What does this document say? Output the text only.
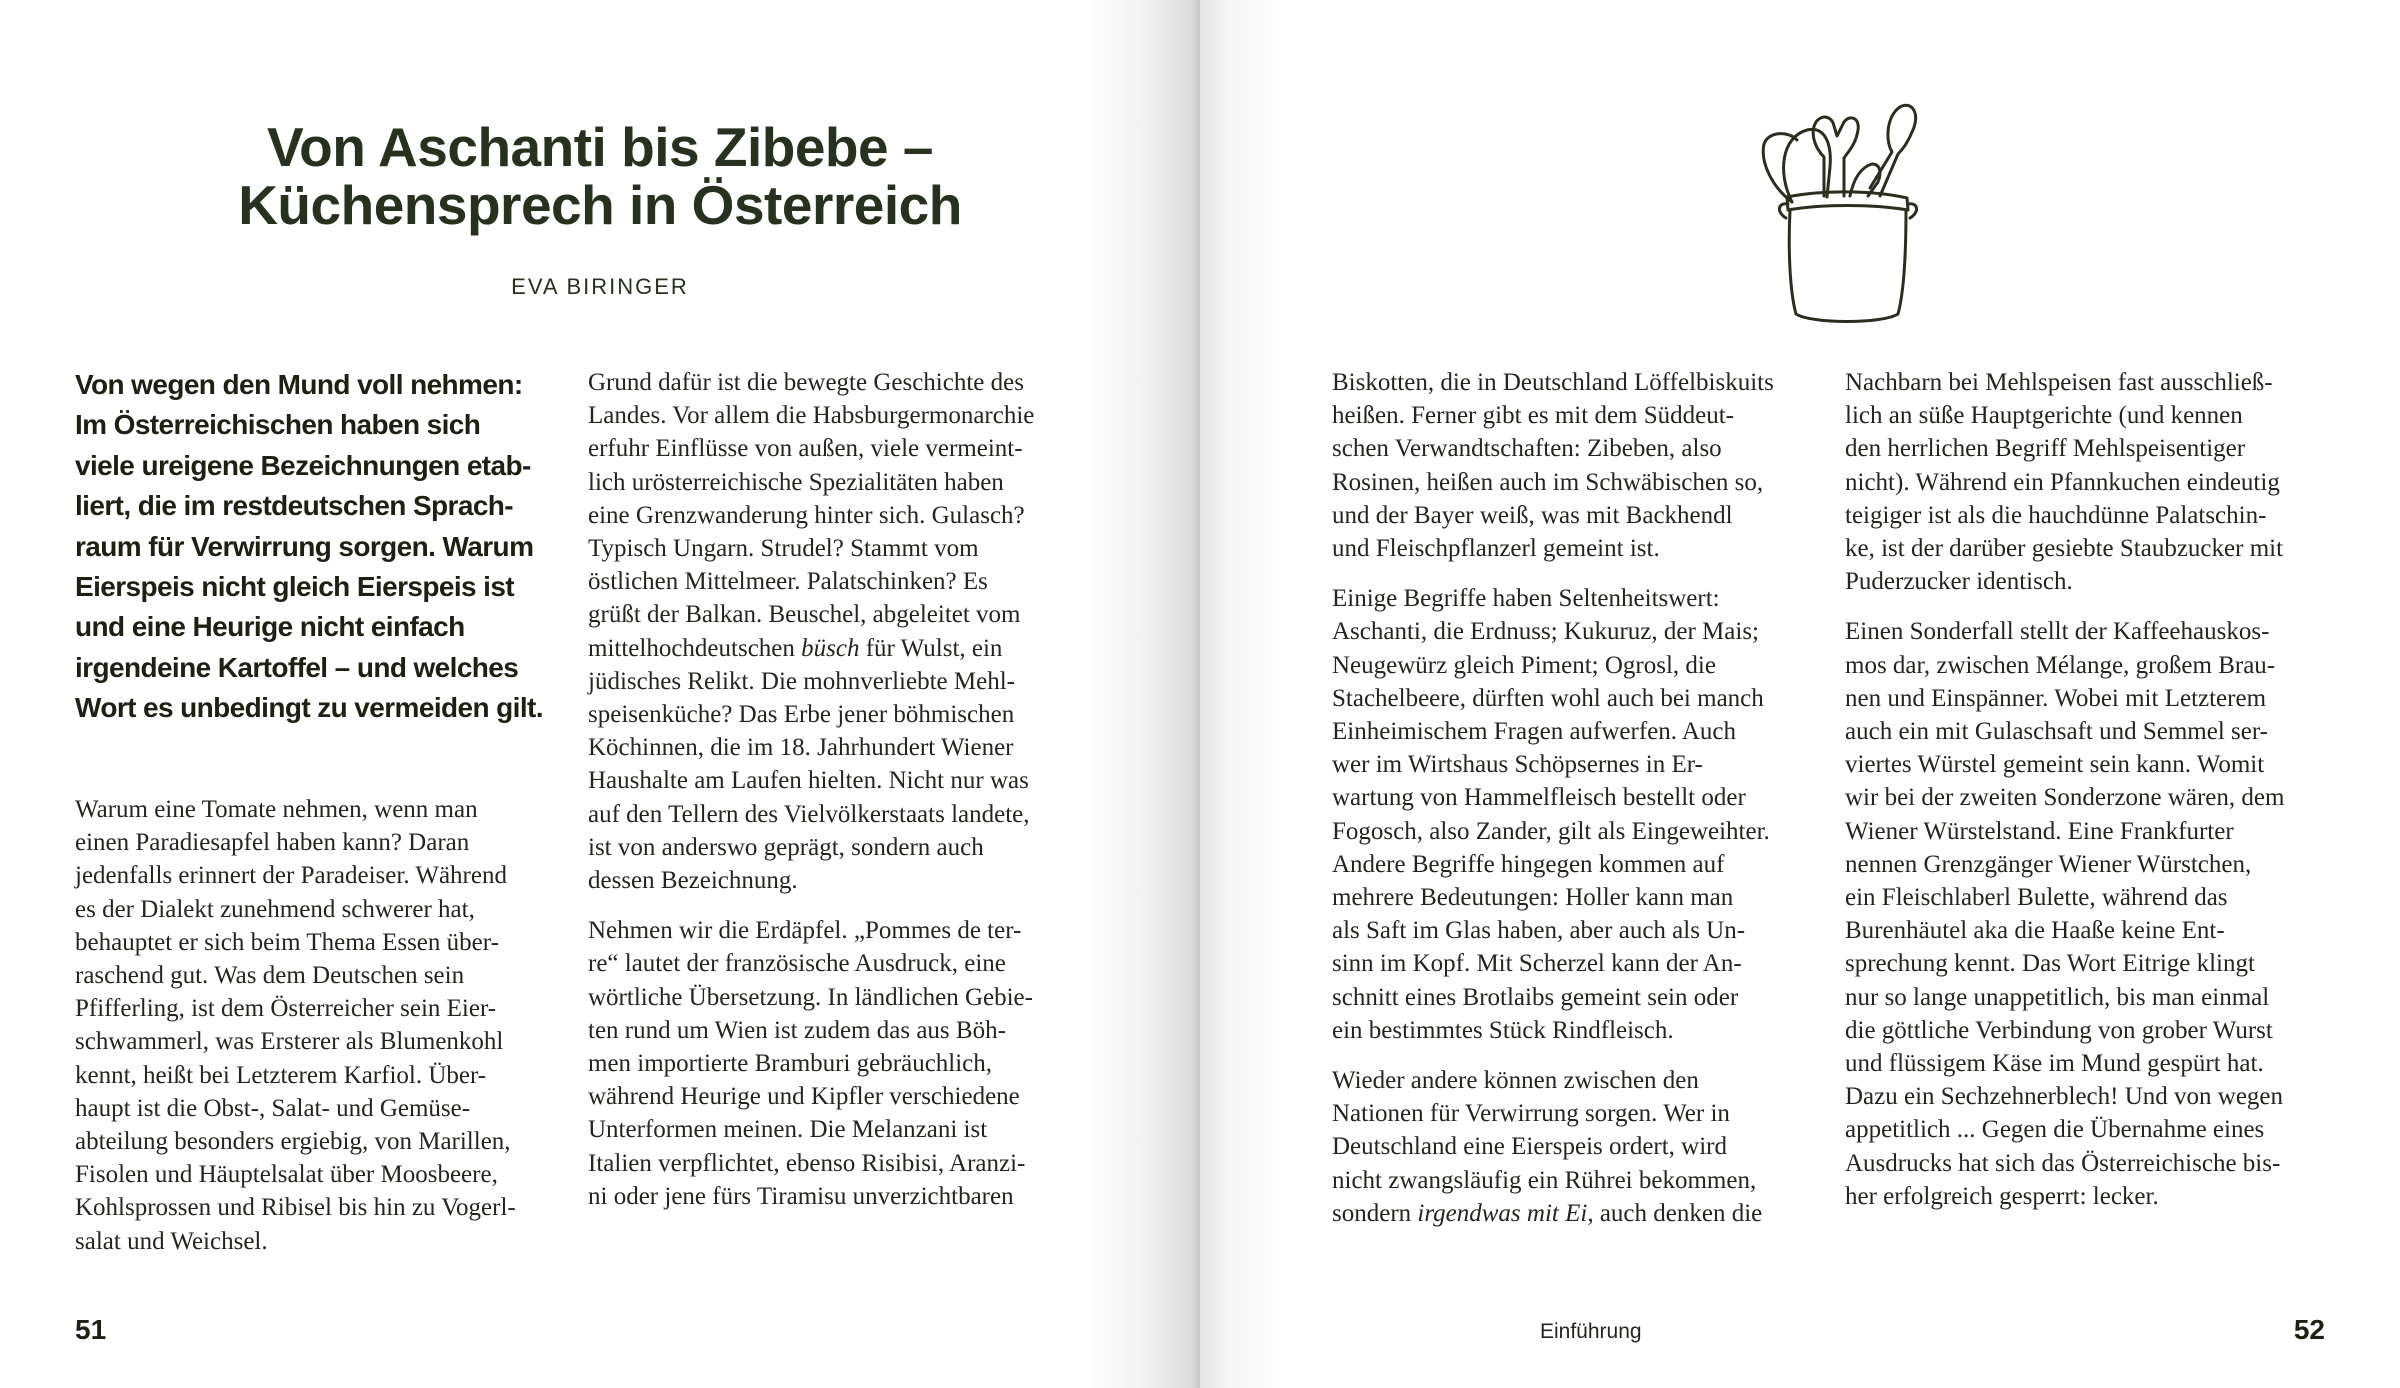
Von Aschanti bis Zibebe –
Küchensprech in Österreich
EVA BIRINGER
Von wegen den Mund voll nehmen:
Im Österreichischen haben sich
viele ureigene Bezeichnungen etab-
liert, die im restdeutschen Sprach-
raum für Verwirrung sorgen. Warum
Eierspeis nicht gleich Eierspeis ist
und eine Heurige nicht einfach
irgendeine Kartoffel – und welches
Wort es unbedingt zu vermeiden gilt.
Warum eine Tomate nehmen, wenn man
einen Paradiesapfel haben kann? Daran
jedenfalls erinnert der Paradeiser. Während
es der Dialekt zunehmend schwerer hat,
behauptet er sich beim Thema Essen über-
raschend gut. Was dem Deutschen sein
Pfifferling, ist dem Österreicher sein Eier-
schwammerl, was Ersterer als Blumenkohl
kennt, heißt bei Letzterem Karfiol. Über-
haupt ist die Obst-, Salat- und Gemüse-
abteilung besonders ergiebig, von Marillen,
Fisolen und Häuptelsalat über Moosbeere,
Kohlsprossen und Ribisel bis hin zu Vogerl-
salat und Weichsel.
Grund dafür ist die bewegte Geschichte des
Landes. Vor allem die Habsburgermonarchie
erfuhr Einflüsse von außen, viele vermeint-
lich urösterreichische Spezialitäten haben
eine Grenzwanderung hinter sich. Gulasch?
Typisch Ungarn. Strudel? Stammt vom
östlichen Mittelmeer. Palatschinken? Es
grüßt der Balkan. Beuschel, abgeleitet vom
mittelhochdeutschen büsch für Wulst, ein
jüdisches Relikt. Die mohnverliebte Mehl-
speisenküche? Das Erbe jener böhmischen
Köchinnen, die im 18. Jahrhundert Wiener
Haushalte am Laufen hielten. Nicht nur was
auf den Tellern des Vielvölkerstaats landete,
ist von anderswo geprägt, sondern auch
dessen Bezeichnung.
Nehmen wir die Erdäpfel. „Pommes de ter-
re“ lautet der französische Ausdruck, eine
wörtliche Übersetzung. In ländlichen Gebie-
ten rund um Wien ist zudem das aus Böh-
men importierte Bramburi gebräuchlich,
während Heurige und Kipfler verschiedene
Unterformen meinen. Die Melanzani ist
Italien verpflichtet, ebenso Risibisi, Aranzi-
ni oder jene fürs Tiramisu unverzichtbaren
51
Biskotten, die in Deutschland Löffelbiskuits
heißen. Ferner gibt es mit dem Süddeut-
schen Verwandtschaften: Zibeben, also
Rosinen, heißen auch im Schwäbischen so,
und der Bayer weiß, was mit Backhendl
und Fleischpflanzerl gemeint ist.
Einige Begriffe haben Seltenheitswert:
Aschanti, die Erdnuss; Kukuruz, der Mais;
Neugewürz gleich Piment; Ogrosl, die
Stachelbeere, dürften wohl auch bei manch
Einheimischem Fragen aufwerfen. Auch
wer im Wirtshaus Schöpsernes in Er-
wartung von Hammelfleisch bestellt oder
Fogosch, also Zander, gilt als Eingeweihter.
Andere Begriffe hingegen kommen auf
mehrere Bedeutungen: Holler kann man
als Saft im Glas haben, aber auch als Un-
sinn im Kopf. Mit Scherzel kann der An-
schnitt eines Brotlaibs gemeint sein oder
ein bestimmtes Stück Rindfleisch.
Wieder andere können zwischen den
Nationen für Verwirrung sorgen. Wer in
Deutschland eine Eierspeis ordert, wird
nicht zwangsläufig ein Rührei bekommen,
sondern irgendwas mit Ei, auch denken die
Nachbarn bei Mehlspeisen fast ausschließ-
lich an süße Hauptgerichte (und kennen
den herrlichen Begriff Mehlspeisentiger
nicht). Während ein Pfannkuchen eindeutig
teigiger ist als die hauchdünne Palatschin-
ke, ist der darüber gesiebte Staubzucker mit
Puderzucker identisch.
Einen Sonderfall stellt der Kaffeehauskos-
mos dar, zwischen Mélange, großem Brau-
nen und Einspänner. Wobei mit Letzterem
auch ein mit Gulaschsaft und Semmel ser-
viertes Würstel gemeint sein kann. Womit
wir bei der zweiten Sonderzone wären, dem
Wiener Würstelstand. Eine Frankfurter
nennen Grenzgänger Wiener Würstchen,
ein Fleischlaberl Bulette, während das
Burenhäutel aka die Haaße keine Ent-
sprechung kennt. Das Wort Eitrige klingt
nur so lange unappetitlich, bis man einmal
die göttliche Verbindung von grober Wurst
und flüssigem Käse im Mund gespürt hat.
Dazu ein Sechzehnerblech! Und von wegen
appetitlich ... Gegen die Übernahme eines
Ausdrucks hat sich das Österreichische bis-
her erfolgreich gesperrt: lecker.
Einführung	52
